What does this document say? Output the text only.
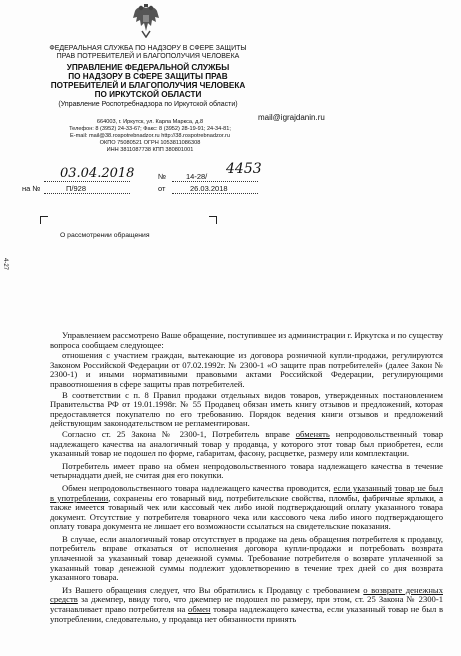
ФЕДЕРАЛЬНАЯ СЛУЖБА ПО НАДЗОРУ В СФЕРЕ ЗАЩИТЫ
ПРАВ ПОТРЕБИТЕЛЕЙ И БЛАГОПОЛУЧИЯ ЧЕЛОВЕКА
УПРАВЛЕНИЕ ФЕДЕРАЛЬНОЙ СЛУЖБЫ
ПО НАДЗОРУ В СФЕРЕ ЗАЩИТЫ ПРАВ
ПОТРЕБИТЕЛЕЙ И БЛАГОПОЛУЧИЯ ЧЕЛОВЕКА
ПО ИРКУТСКОЙ ОБЛАСТИ
(Управление Роспотребнадзора по Иркутской области)
664003, г. Иркутск, ул. Карла Маркса, д.8
Телефон: 8 (3952) 24-33-67; Факс: 8 (3952) 28-19-91; 24-34-81;
E-mail: mail@38.rospotrebnadzor.ru http://38.rospotrebnadzor.ru
ОКПО 75080521 ОГРН 1053811086308
ИНН 3811087738 КПП 380801001
mail@igrajdanin.ru
03.04.2018	№	14-28/ 4453
на №	П/928	от	26.03.2018
О рассмотрении обращения
4-27

Управлением рассмотрено Ваше обращение, поступившее из администрации г. Иркутска и по существу вопроса сообщаем следующее:

отношения с участием граждан, вытекающие из договора розничной купли-продажи, регулируются Законом Российской Федерации от 07.02.1992г. № 2300-1 «О защите прав потребителей» (далее Закон № 2300-1) и иными нормативными правовыми актами Российской Федерации, регулирующими правоотношения в сфере защиты прав потребителей.

В соответствии с п. 8 Правил продажи отдельных видов товаров, утвержденных постановлением Правительства РФ от 19.01.1998г. № 55 Продавец обязан иметь книгу отзывов и предложений, которая предоставляется покупателю по его требованию. Порядок ведения книги отзывов и предложений действующим законодательством не регламентирован.

Согласно ст. 25 Закона № 2300-1, Потребитель вправе обменять непродовольственный товар надлежащего качества на аналогичный товар у продавца, у которого этот товар был приобретен, если указанный товар не подошел по форме, габаритам, фасону, расцветке, размеру или комплектации.

Потребитель имеет право на обмен непродовольственного товара надлежащего качества в течение четырнадцати дней, не считая дня его покупки.

Обмен непродовольственного товара надлежащего качества проводится, если указанный товар не был в употреблении, сохранены его товарный вид, потребительские свойства, пломбы, фабричные ярлыки, а также имеется товарный чек или кассовый чек либо иной подтверждающий оплату указанного товара документ. Отсутствие у потребителя товарного чека или кассового чека либо иного подтверждающего оплату товара документа не лишает его возможности ссылаться на свидетельские показания.

В случае, если аналогичный товар отсутствует в продаже на день обращения потребителя к продавцу, потребитель вправе отказаться от исполнения договора купли-продажи и потребовать возврата уплаченной за указанный товар денежной суммы. Требование потребителя о возврате уплаченной за указанный товар денежной суммы подлежит удовлетворению в течение трех дней со дня возврата указанного товара.

Из Вашего обращения следует, что Вы обратились к Продавцу с требованием о возврате денежных средств за джемпер, ввиду того, что джемпер не подошел по размеру, при этом, ст. 25 Закона № 2300-1 устанавливает право потребителя на обмен товара надлежащего качества, если указанный товар не был в употреблении, следовательно, у продавца нет обязанности принять
